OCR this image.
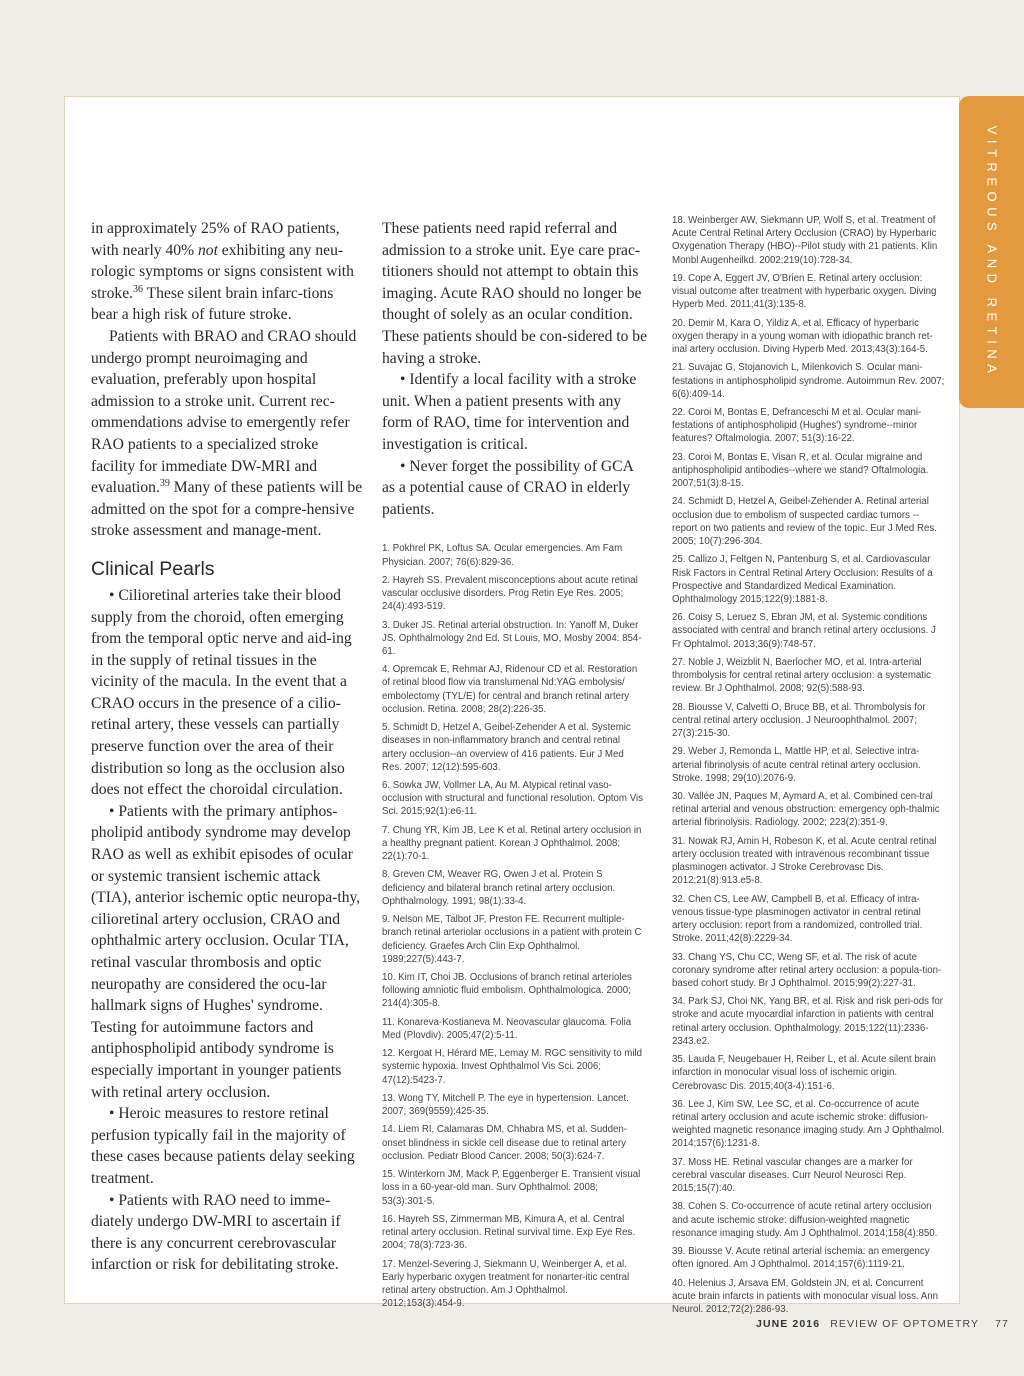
VITREOUS AND RETINA

in approximately 25% of RAO patients, with nearly 40% not exhibiting any neu-rologic symptoms or signs consistent with stroke.$^{36}$ These silent brain infarc-tions bear a high risk of future stroke.

Patients with BRAO and CRAO should undergo prompt neuroimaging and evaluation, preferably upon hospital admission to a stroke unit. Current rec-ommendations advise to emergently refer RAO patients to a specialized stroke facility for immediate DW-MRI and evaluation.$^{39}$ Many of these patients will be admitted on the spot for a compre-hensive stroke assessment and manage-ment.

Clinical Pearls

• Cilioretinal arteries take their blood supply from the choroid, often emerging from the temporal optic nerve and aid-ing in the supply of retinal tissues in the vicinity of the macula. In the event that a CRAO occurs in the presence of a cilio-retinal artery, these vessels can partially preserve function over the area of their distribution so long as the occlusion also does not effect the choroidal circulation.

• Patients with the primary antiphos-pholipid antibody syndrome may develop RAO as well as exhibit episodes of ocular or systemic transient ischemic attack (TIA), anterior ischemic optic neuropa-thy, cilioretinal artery occlusion, CRAO and ophthalmic artery occlusion. Ocular TIA, retinal vascular thrombosis and optic neuropathy are considered the ocu-lar hallmark signs of Hughes' syndrome. Testing for autoimmune factors and antiphospholipid antibody syndrome is especially important in younger patients with retinal artery occlusion.

• Heroic measures to restore retinal perfusion typically fail in the majority of these cases because patients delay seeking treatment.

• Patients with RAO need to imme-diately undergo DW-MRI to ascertain if there is any concurrent cerebrovascular infarction or risk for debilitating stroke.

These patients need rapid referral and admission to a stroke unit. Eye care prac-titioners should not attempt to obtain this imaging. Acute RAO should no longer be thought of solely as an ocular condition. These patients should be con-sidered to be having a stroke.

• Identify a local facility with a stroke unit. When a patient presents with any form of RAO, time for intervention and investigation is critical.

• Never forget the possibility of GCA as a potential cause of CRAO in elderly patients.

1. Pokhrel PK, Loftus SA. Ocular emergencies. Am Fam Physician. 2007; 76(6):829-36.
2. Hayreh SS. Prevalent misconceptions about acute retinal vascular occlusive disorders. Prog Retin Eye Res. 2005; 24(4):493-519.
3. Duker JS. Retinal arterial obstruction. In: Yanoff M, Duker JS. Ophthalmology 2nd Ed. St Louis, MO, Mosby 2004: 854-61.
4. Opremcak E, Rehmar AJ, Ridenour CD et al. Restoration of retinal blood flow via translumenal Nd:YAG embolysis/ embolectomy (TYL/E) for central and branch retinal artery occlusion. Retina. 2008; 28(2):226-35.
5. Schmidt D, Hetzel A, Geibel-Zehender A et al. Systemic diseases in non-inflammatory branch and central retinal artery occlusion--an overview of 416 patients. Eur J Med Res. 2007; 12(12):595-603.
6. Sowka JW, Vollmer LA, Au M. Atypical retinal vaso-occlusion with structural and functional resolution. Optom Vis Sci. 2015;92(1):e6-11.
7. Chung YR, Kim JB, Lee K et al. Retinal artery occlusion in a healthy pregnant patient. Korean J Ophthalmol. 2008; 22(1):70-1.
8. Greven CM, Weaver RG, Owen J et al. Protein S deficiency and bilateral branch retinal artery occlusion. Ophthalmology. 1991; 98(1):33-4.
9. Nelson ME, Talbot JF, Preston FE. Recurrent multiple-branch retinal arteriolar occlusions in a patient with protein C deficiency. Graefes Arch Clin Exp Ophthalmol. 1989;227(5):443-7.
10. Kim IT, Choi JB. Occlusions of branch retinal arterioles following amniotic fluid embolism. Ophthalmologica. 2000; 214(4):305-8.
11. Konareva-Kostianeva M. Neovascular glaucoma. Folia Med (Plovdiv). 2005;47(2):5-11.
12. Kergoat H, Hérard ME, Lemay M. RGC sensitivity to mild systemic hypoxia. Invest Ophthalmol Vis Sci. 2006; 47(12):5423-7.
13. Wong TY, Mitchell P. The eye in hypertension. Lancet. 2007; 369(9559):425-35.
14. Liem RI, Calamaras DM, Chhabra MS, et al. Sudden-onset blindness in sickle cell disease due to retinal artery occlusion. Pediatr Blood Cancer. 2008; 50(3):624-7.
15. Winterkorn JM, Mack P, Eggenberger E. Transient visual loss in a 60-year-old man. Surv Ophthalmol. 2008; 53(3):301-5.
16. Hayreh SS, Zimmerman MB, Kimura A, et al. Central retinal artery occlusion. Retinal survival time. Exp Eye Res. 2004; 78(3):723-36.
17. Menzel-Severing J, Siekmann U, Weinberger A, et al. Early hyperbaric oxygen treatment for nonarter-itic central retinal artery obstruction. Am J Ophthalmol. 2012;153(3):454-9.
18. Weinberger AW, Siekmann UP, Wolf S, et al. Treatment of Acute Central Retinal Artery Occlusion (CRAO) by Hyperbaric Oxygenation Therapy (HBO)--Pilot study with 21 patients. Klin Monbl Augenheilkd. 2002;219(10):728-34.
19. Cope A, Eggert JV, O'Brien E. Retinal artery occlusion: visual outcome after treatment with hyperbaric oxygen. Diving Hyperb Med. 2011;41(3):135-8.
20. Demir M, Kara O, Yildiz A, et al. Efficacy of hyperbaric oxygen therapy in a young woman with idiopathic branch ret-inal artery occlusion. Diving Hyperb Med. 2013;43(3):164-5.
21. Suvajac G, Stojanovich L, Milenkovich S. Ocular mani-festations in antiphospholipid syndrome. Autoimmun Rev. 2007; 6(6):409-14.
22. Coroi M, Bontas E, Defranceschi M et al. Ocular mani-festations of antiphospholipid (Hughes') syndrome--minor features? Oftalmologia. 2007; 51(3):16-22.
23. Coroi M, Bontas E, Visan R, et al. Ocular migraine and antiphospholipid antibodies--where we stand? Oftalmologia. 2007;51(3):8-15.
24. Schmidt D, Hetzel A, Geibel-Zehender A. Retinal arterial occlusion due to embolism of suspected cardiac tumors -- report on two patients and review of the topic. Eur J Med Res. 2005; 10(7):296-304.
25. Callizo J, Feltgen N, Pantenburg S, et al. Cardiovascular Risk Factors in Central Retinal Artery Occlusion: Results of a Prospective and Standardized Medical Examination. Ophthalmology 2015;122(9):1881-8.
26. Coisy S, Leruez S, Ebran JM, et al. Systemic conditions associated with central and branch retinal artery occlusions. J Fr Ophtalmol. 2013;36(9):748-57.
27. Noble J, Weizblit N, Baerlocher MO, et al. Intra-arterial thrombolysis for central retinal artery occlusion: a systematic review. Br J Ophthalmol. 2008; 92(5):588-93.
28. Biousse V, Calvetti O, Bruce BB, et al. Thrombolysis for central retinal artery occlusion. J Neuroophthalmol. 2007; 27(3):215-30.
29. Weber J, Remonda L, Mattle HP, et al. Selective intra-arterial fibrinolysis of acute central retinal artery occlusion. Stroke. 1998; 29(10):2076-9.
30. Vallée JN, Paques M, Aymard A, et al. Combined cen-tral retinal arterial and venous obstruction: emergency oph-thalmic arterial fibrinolysis. Radiology. 2002; 223(2):351-9.
31. Nowak RJ, Amin H, Robeson K, et al. Acute central retinal artery occlusion treated with intravenous recombinant tissue plasminogen activator. J Stroke Cerebrovasc Dis. 2012;21(8):913.e5-8.
32. Chen CS, Lee AW, Campbell B, et al. Efficacy of intra-venous tissue-type plasminogen activator in central retinal artery occlusion: report from a randomized, controlled trial. Stroke. 2011;42(8):2229-34.
33. Chang YS, Chu CC, Weng SF, et al. The risk of acute coronary syndrome after retinal artery occlusion: a popula-tion-based cohort study. Br J Ophthalmol. 2015;99(2):227-31.
34. Park SJ, Choi NK, Yang BR, et al. Risk and risk peri-ods for stroke and acute myocardial infarction in patients with central retinal artery occlusion. Ophthalmology. 2015;122(11):2336-2343.e2.
35. Lauda F, Neugebauer H, Reiber L, et al. Acute silent brain infarction in monocular visual loss of ischemic origin. Cerebrovasc Dis. 2015;40(3-4):151-6.
36. Lee J, Kim SW, Lee SC, et al. Co-occurrence of acute retinal artery occlusion and acute ischemic stroke: diffusion-weighted magnetic resonance imaging study. Am J Ophthalmol. 2014;157(6):1231-8.
37. Moss HE. Retinal vascular changes are a marker for cerebral vascular diseases. Curr Neurol Neurosci Rep. 2015;15(7):40.
38. Cohen S. Co-occurrence of acute retinal artery occlusion and acute ischemic stroke: diffusion-weighted magnetic resonance imaging study. Am J Ophthalmol. 2014;158(4):850.
39. Biousse V. Acute retinal arterial ischemia: an emergency often ignored. Am J Ophthalmol. 2014;157(6):1119-21.
40. Helenius J, Arsava EM, Goldstein JN, et al. Concurrent acute brain infarcts in patients with monocular visual loss. Ann Neurol. 2012;72(2):286-93.
JUNE 2016 REVIEW OF OPTOMETRY 77
